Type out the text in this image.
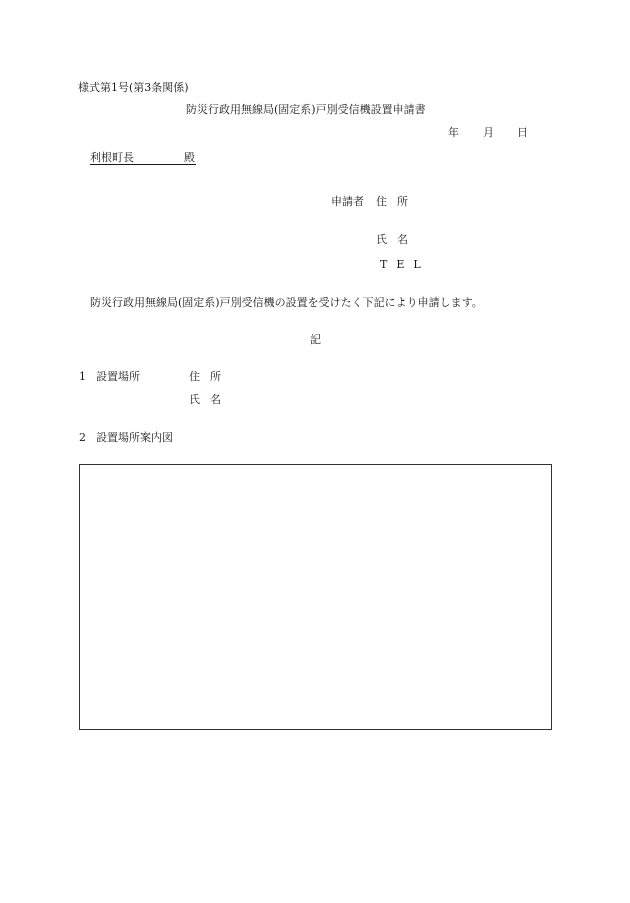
様式第1号(第3条関係)
防災行政用無線局(固定系)戸別受信機設置申請書
年 月 日
利根町長	殿
申請者 住所
氏名
TEL
防災行政用無線局(固定系)戸別受信機の設置を受けたく下記により申請します。
記
1 設置場所	住所
氏名
2 設置場所案内図
